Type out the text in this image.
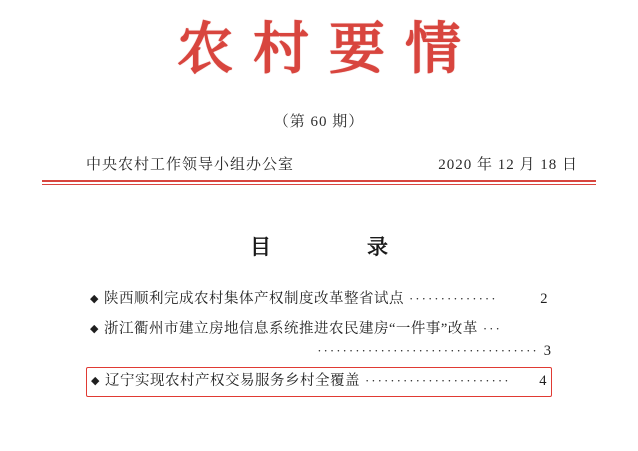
农村要情
（第 60 期）
中央农村工作领导小组办公室	2020 年 12 月 18 日
目　　录
◆ 陕西顺利完成农村集体产权制度改革整省试点 ··············	2
◆ 浙江衢州市建立房地信息系统推进农民建房“一件事”改革 ···
··································· 3
◆ 辽宁实现农村产权交易服务乡村全覆盖 ·······················	4
